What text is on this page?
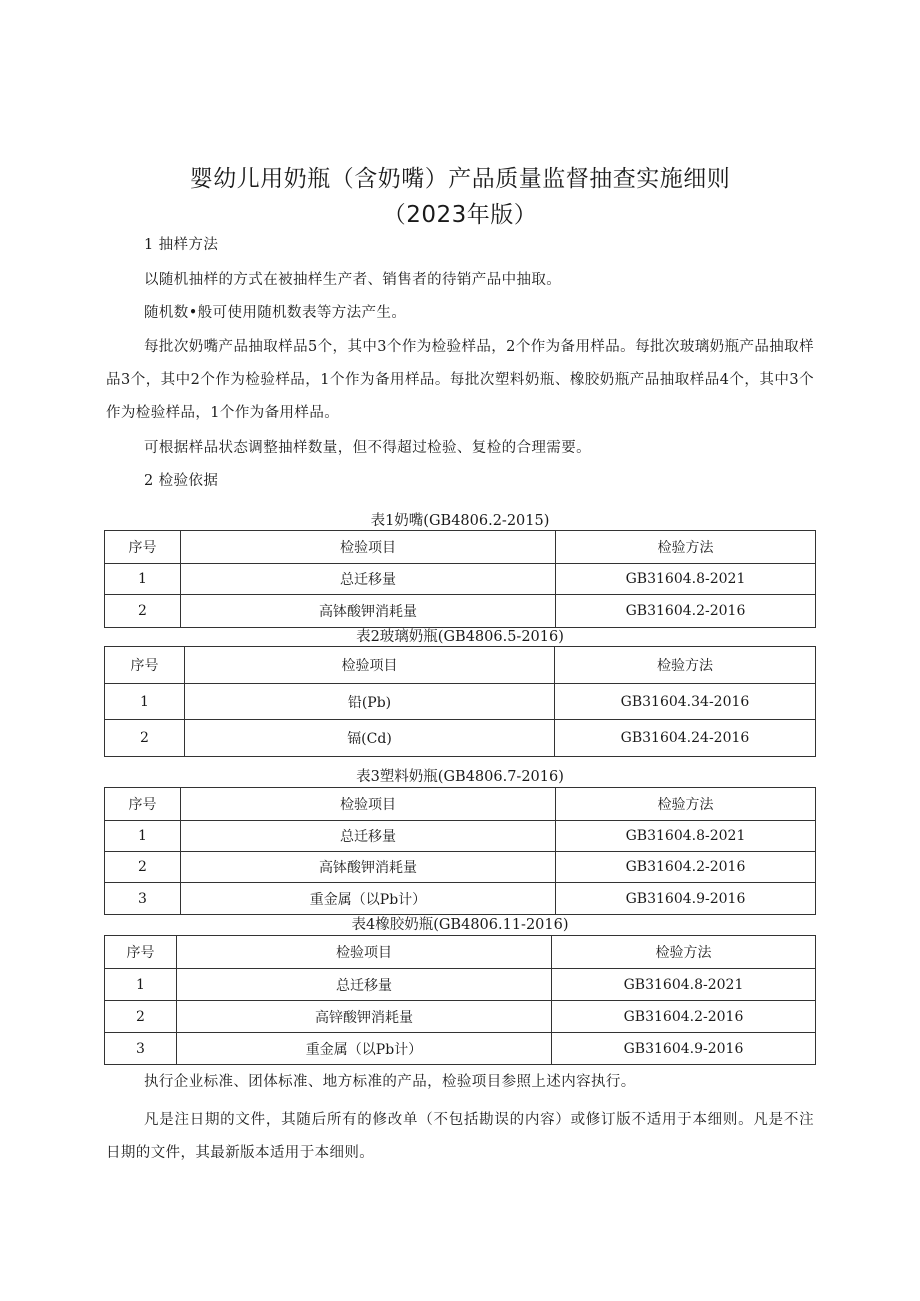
婴幼儿用奶瓶（含奶嘴）产品质量监督抽查实施细则
（2023年版）

1 抽样方法

以随机抽样的方式在被抽样生产者、销售者的待销产品中抽取。

随机数•般可使用随机数表等方法产生。

每批次奶嘴产品抽取样品5个，其中3个作为检验样品，2个作为备用样品。每批次玻璃奶瓶产品抽取样品3个，其中2个作为检验样品，1个作为备用样品。每批次塑料奶瓶、橡胶奶瓶产品抽取样品4个，其中3个作为检验样品，1个作为备用样品。

可根据样品状态调整抽样数量，但不得超过检验、复检的合理需要。

2 检验依据

表1奶嘴(GB4806.2-2015)
序号	检验项目	检验方法
1	总迁移量	GB31604.8-2021
2	高钵酸钾消耗量	GB31604.2-2016
表2玻璃奶瓶(GB4806.5-2016)
序号	检验项目	检验方法
1	铅(Pb)	GB31604.34-2016
2	镉(Cd)	GB31604.24-2016
表3塑料奶瓶(GB4806.7-2016)
序号	检验项目	检验方法
1	总迁移量	GB31604.8-2021
2	高钵酸钾消耗量	GB31604.2-2016
3	重金属（以Pb计）	GB31604.9-2016
表4橡胶奶瓶(GB4806.11-2016)
序号	检验项目	检验方法
1	总迁移量	GB31604.8-2021
2	高锌酸钾消耗量	GB31604.2-2016
3	重金属（以Pb计）	GB31604.9-2016

执行企业标准、团体标准、地方标准的产品，检验项目参照上述内容执行。

凡是注日期的文件，其随后所有的修改单（不包括勘误的内容）或修订版不适用于本细则。凡是不注日期的文件，其最新版本适用于本细则。
